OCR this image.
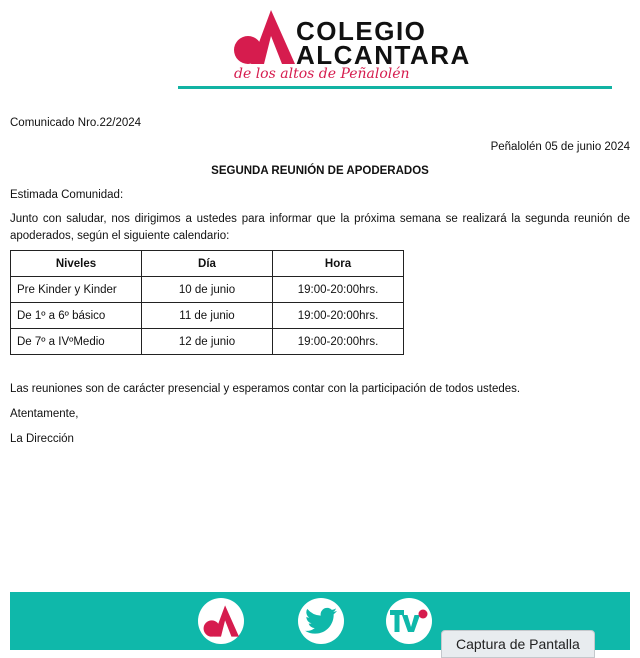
COLEGIO
ALCANTARA
de los altos de Peñalolén
Comunicado Nro.22/2024
Peñalolén 05 de junio 2024
SEGUNDA REUNIÓN DE APODERADOS
Estimada Comunidad:
Junto con saludar, nos dirigimos a ustedes para informar que la próxima semana se realizará la segunda reunión de apoderados, según el siguiente calendario:
Niveles	Día	Hora
Pre Kinder y Kinder	10 de junio	19:00-20:00hrs.
De 1º a 6º básico	11 de junio	19:00-20:00hrs.
De 7º a IVºMedio	12 de junio	19:00-20:00hrs.
Las reuniones son de carácter presencial y esperamos contar con la participación de todos ustedes.
Atentamente,
La Dirección
Captura de Pantalla
